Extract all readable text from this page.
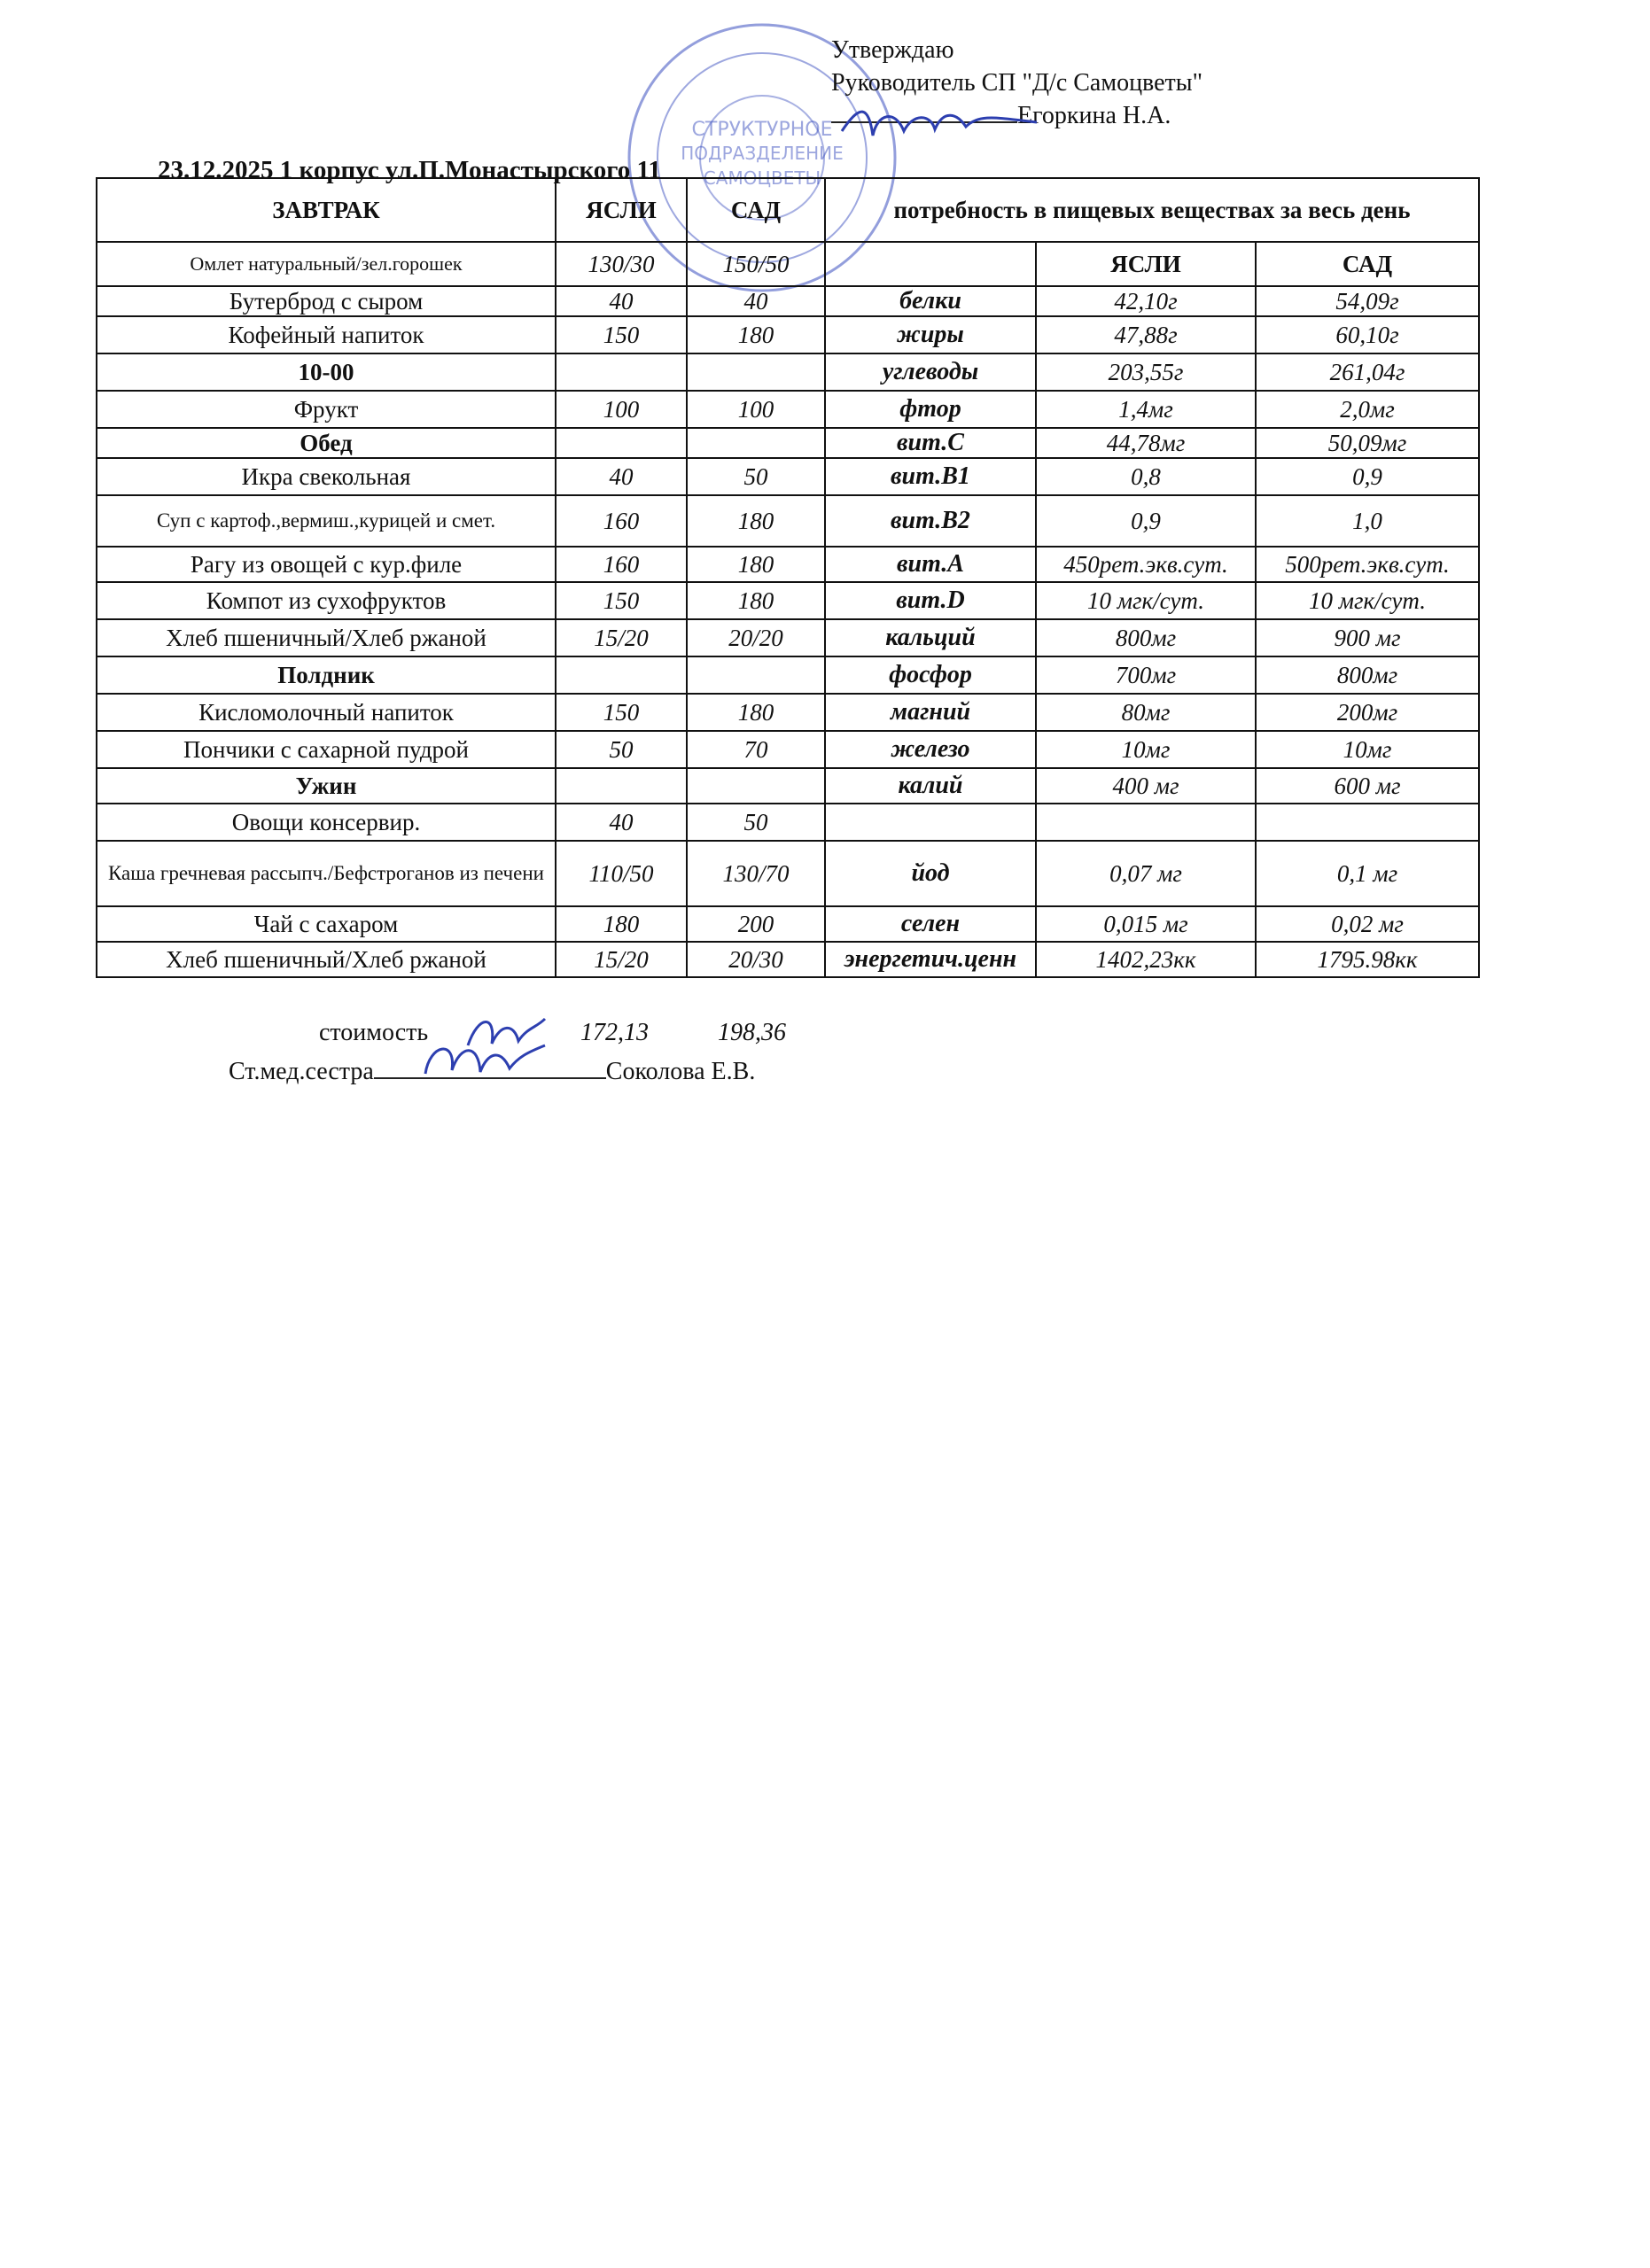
СТРУКТУРНОЕ
ПОДРАЗДЕЛЕНИЕ
САМОЦВЕТЫ
Утверждаю
Руководитель СП "Д/с Самоцветы"
Егоркина Н.А.
23.12.2025 1 корпус ул.П.Монастырского 11
ЗАВТРАК	ЯСЛИ	САД	потребность в пищевых веществах за весь день		
Омлет натуральный/зел.горошек	130/30	150/50		ЯСЛИ	САД
Бутерброд с сыром	40	40	белки	42,10г	54,09г
Кофейный напиток	150	180	жиры	47,88г	60,10г
10-00			углеводы	203,55г	261,04г
Фрукт	100	100	фтор	1,4мг	2,0мг
Обед			вит.С	44,78мг	50,09мг
Икра свекольная	40	50	вит.В1	0,8	0,9
Суп с картоф.,вермиш.,курицей и смет.	160	180	вит.В2	0,9	1,0
Рагу из овощей с кур.филе	160	180	вит.А	450рет.экв.сут.	500рет.экв.сут.
Компот из сухофруктов	150	180	вит.D	10 мгк/сут.	10 мгк/сут.
Хлеб пшеничный/Хлеб ржаной	15/20	20/20	кальций	800мг	900 мг
Полдник			фосфор	700мг	800мг
Кисломолочный напиток	150	180	магний	80мг	200мг
Пончики с сахарной пудрой	50	70	железо	10мг	10мг
Ужин			калий	400 мг	600 мг
Овощи консервир.	40	50			
Каша гречневая рассыпч./Бефстроганов из печени	110/50	130/70	йод	0,07 мг	0,1 мг
Чай с сахаром	180	200	селен	0,015 мг	0,02 мг
Хлеб пшеничный/Хлеб ржаной	15/20	20/30	энергетич.ценн	1402,23кк	1795.98кк
стоимость	172,13	198,36
Ст.мед.сестра	Соколова Е.В.
